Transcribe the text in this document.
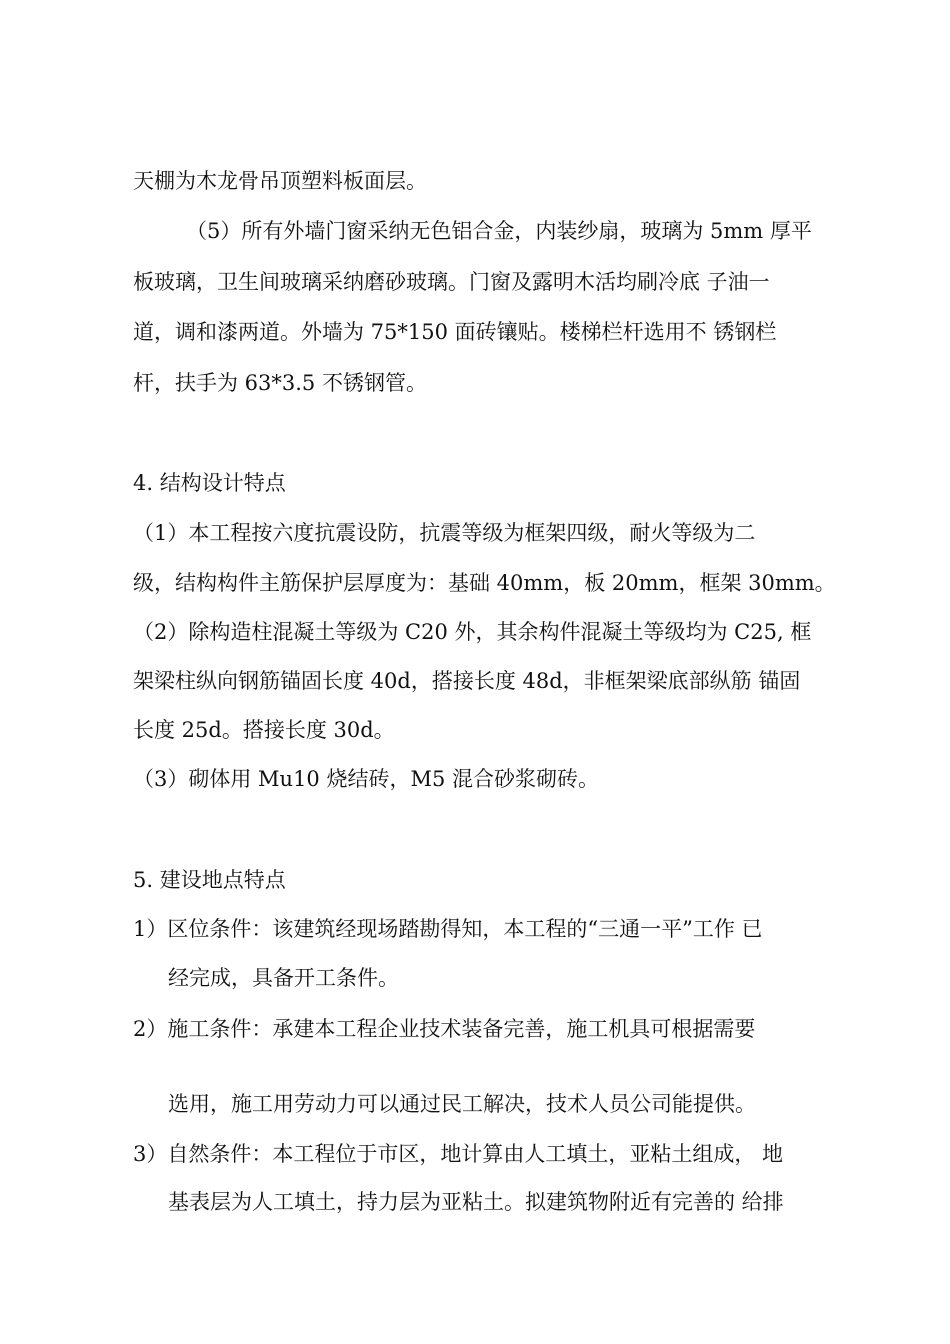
天棚为木龙骨吊顶塑料板面层。
（5）所有外墙门窗采纳无色铝合金，内装纱扇，玻璃为 5mm 厚平
板玻璃，卫生间玻璃采纳磨砂玻璃。门窗及露明木活均刷冷底 子油一
道，调和漆两道。外墙为 75*150 面砖镶贴。楼梯栏杆选用不 锈钢栏
杆，扶手为 63*3.5 不锈钢管。
4. 结构设计特点
（1）本工程按六度抗震设防，抗震等级为框架四级，耐火等级为二
级，结构构件主筋保护层厚度为：基础 40mm，板 20mm，框架 30mm。
（2）除构造柱混凝土等级为 C20 外，其余构件混凝土等级均为 C25, 框
架梁柱纵向钢筋锚固长度 40d，搭接长度 48d，非框架梁底部纵筋 锚固
长度 25d。搭接长度 30d。
（3）砌体用 Mu10 烧结砖，M5 混合砂浆砌砖。
5. 建设地点特点
1）区位条件：该建筑经现场踏勘得知，本工程的“三通一平”工作 已
经完成，具备开工条件。
2）施工条件：承建本工程企业技术装备完善，施工机具可根据需要
选用，施工用劳动力可以通过民工解决，技术人员公司能提供。
3）自然条件：本工程位于市区，地计算由人工填土，亚粘土组成， 地
基表层为人工填土，持力层为亚粘土。拟建筑物附近有完善的 给排
